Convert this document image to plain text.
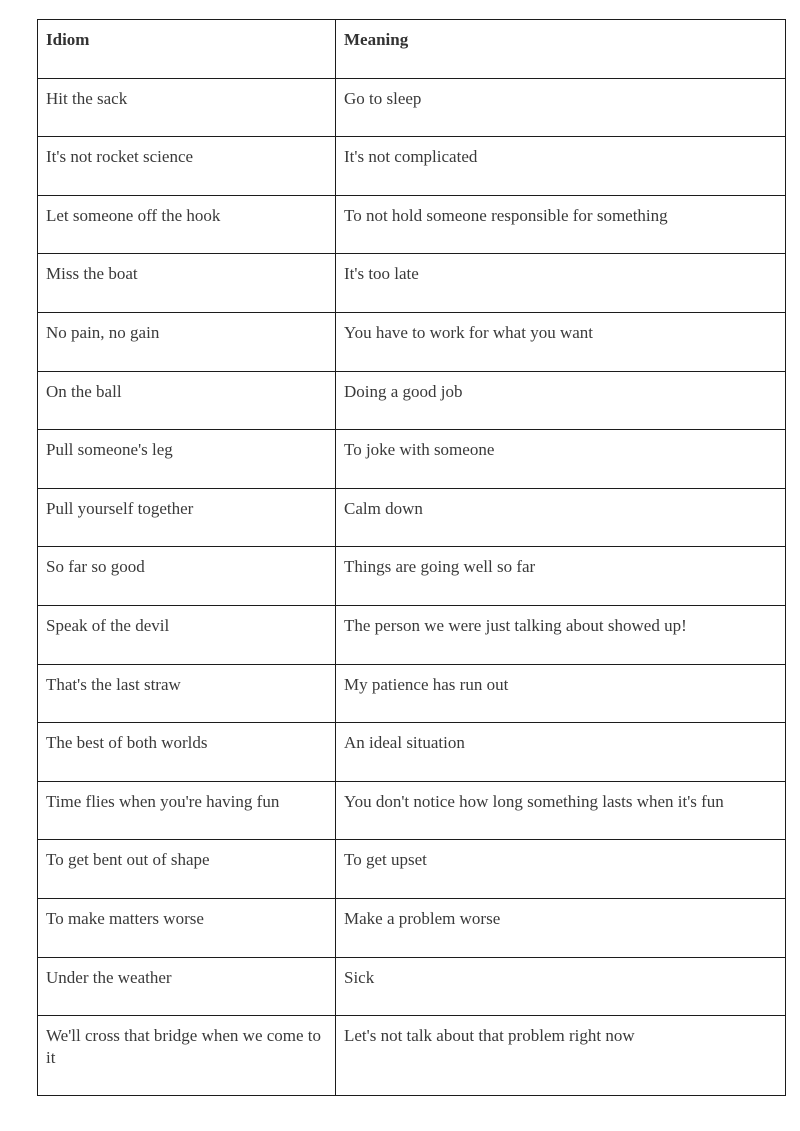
Idiom	Meaning
Hit the sack	Go to sleep
It's not rocket science	It's not complicated
Let someone off the hook	To not hold someone responsible for something
Miss the boat	It's too late
No pain, no gain	You have to work for what you want
On the ball	Doing a good job
Pull someone's leg	To joke with someone
Pull yourself together	Calm down
So far so good	Things are going well so far
Speak of the devil	The person we were just talking about showed up!
That's the last straw	My patience has run out
The best of both worlds	An ideal situation
Time flies when you're having fun	You don't notice how long something lasts when it's fun
To get bent out of shape	To get upset
To make matters worse	Make a problem worse
Under the weather	Sick
We'll cross that bridge when we come to it	Let's not talk about that problem right now
